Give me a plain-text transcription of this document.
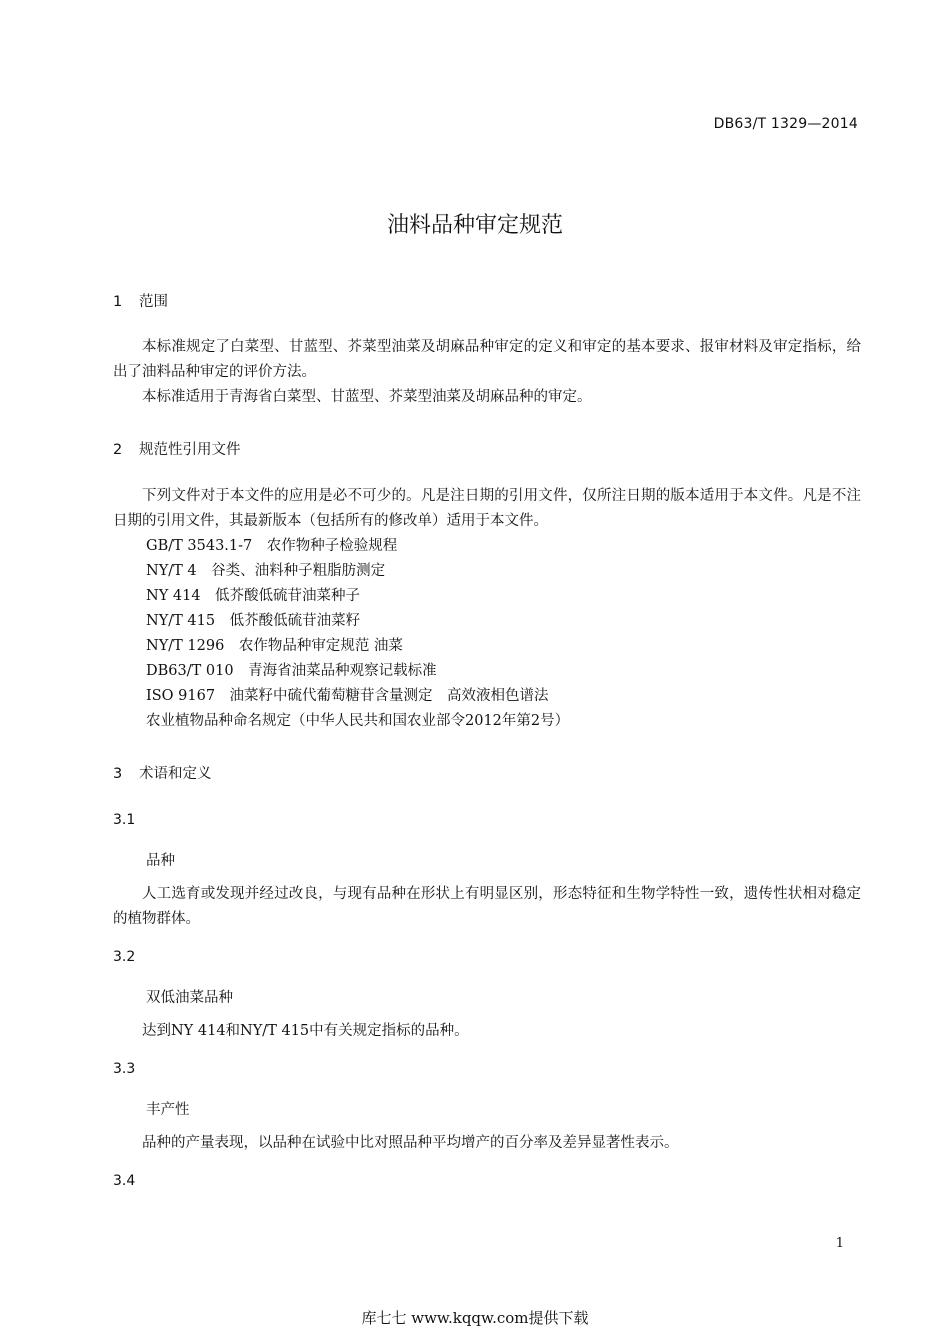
DB63/T 1329—2014
油料品种审定规范
1 范围

本标准规定了白菜型、甘蓝型、芥菜型油菜及胡麻品种审定的定义和审定的基本要求、报审材料及审定指标，给出了油料品种审定的评价方法。

本标准适用于青海省白菜型、甘蓝型、芥菜型油菜及胡麻品种的审定。

2 规范性引用文件

下列文件对于本文件的应用是必不可少的。凡是注日期的引用文件，仅所注日期的版本适用于本文件。凡是不注日期的引用文件，其最新版本（包括所有的修改单）适用于本文件。

GB/T 3543.1-7　农作物种子检验规程
NY/T 4　谷类、油料种子粗脂肪测定
NY 414　低芥酸低硫苷油菜种子
NY/T 415　低芥酸低硫苷油菜籽
NY/T 1296　农作物品种审定规范 油菜
DB63/T 010　青海省油菜品种观察记载标准
ISO 9167　油菜籽中硫代葡萄糖苷含量测定　高效液相色谱法
农业植物品种命名规定（中华人民共和国农业部令2012年第2号）
3 术语和定义
3.1
品种

人工选育或发现并经过改良，与现有品种在形状上有明显区别，形态特征和生物学特性一致，遗传性状相对稳定的植物群体。

3.2
双低油菜品种

达到NY 414和NY/T 415中有关规定指标的品种。

3.3
丰产性

品种的产量表现，以品种在试验中比对照品种平均增产的百分率及差异显著性表示。

3.4
1
库七七 www.kqqw.com提供下载
